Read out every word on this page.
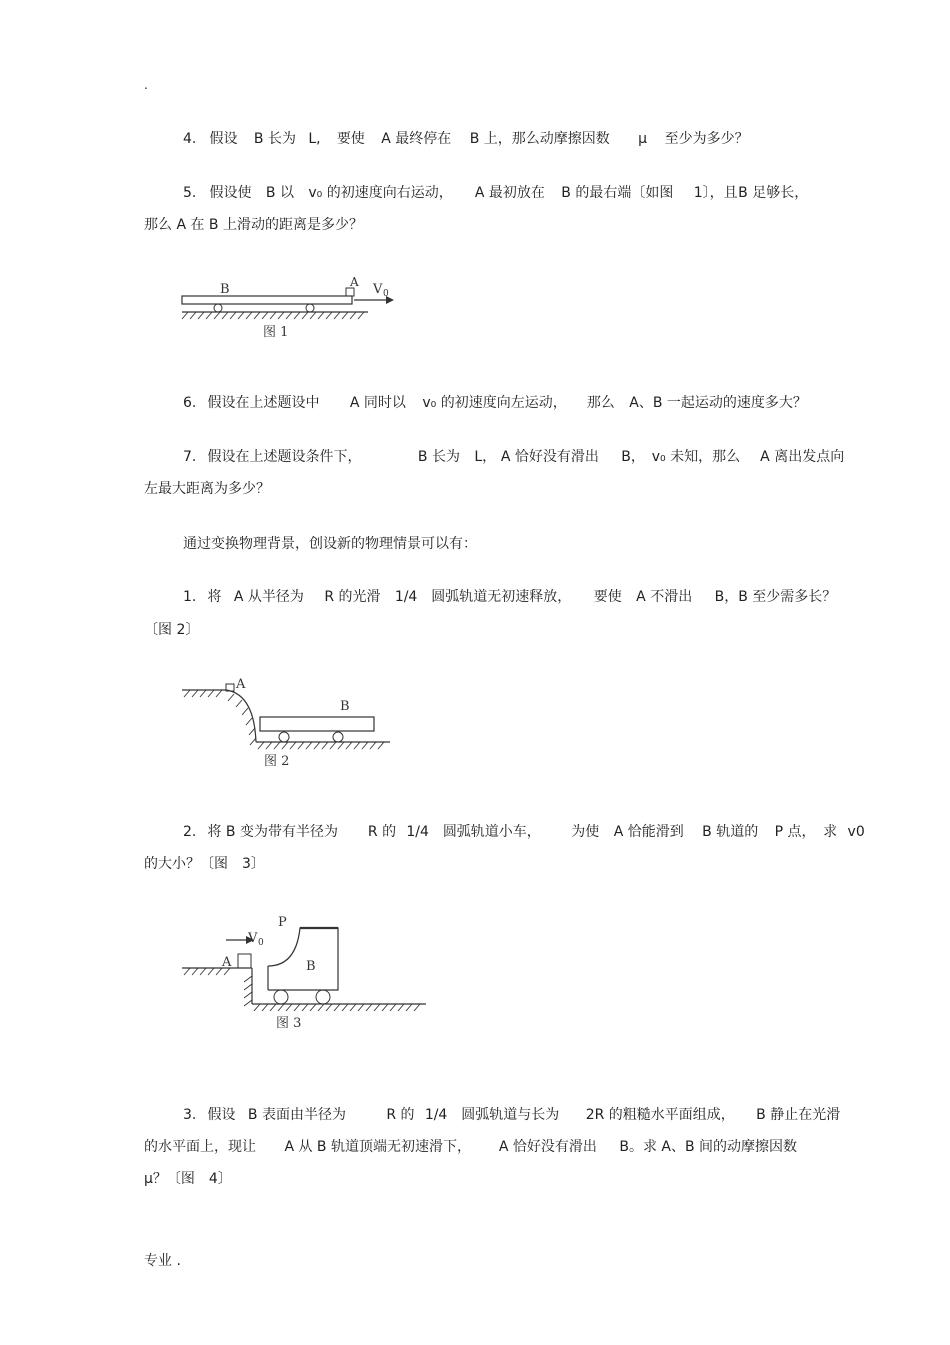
.
4. 假设 B 长为 L, 要使 A 最终停在 B 上，那么动摩擦因数 μ 至少为多少？
5. 假设使 B 以 v₀ 的初速度向右运动， A 最初放在 B 的最右端〔如图 1〕，且 B 足够长，
那么 A 在 B 上滑动的距离是多少？
B	A V 0
图 1
6. 假设在上述题设中 A 同时以 v₀ 的初速度向左运动， 那么 A、B 一起运动的速度多大？
7. 假设在上述题设条件下，	B 长为 L， A 恰好没有滑出 B， v₀ 未知，那么 A 离出发点向
左最大距离为多少？
通过变换物理背景，创设新的物理情景可以有：
1. 将 A 从半径为 R 的光滑 1/4 圆弧轨道无初速释放， 要使 A 不滑出 B，B 至少需多长？
〔图 2〕
A
B
图 2
2. 将 B 变为带有半径为 R 的 1/4 圆弧轨道小车， 为使 A 恰能滑到 B 轨道的 P 点， 求 v0
的大小？〔图　3〕
P
V 0
A	B
图 3
3. 假设 B 表面由半径为	R 的 1/4 圆弧轨道与长为 2R 的粗糙水平面组成， B 静止在光滑
的水平面上，现让 A 从 B 轨道顶端无初速滑下， A 恰好没有滑出 B。求 A、B 间的动摩擦因数
μ？〔图　4〕
专业 .
